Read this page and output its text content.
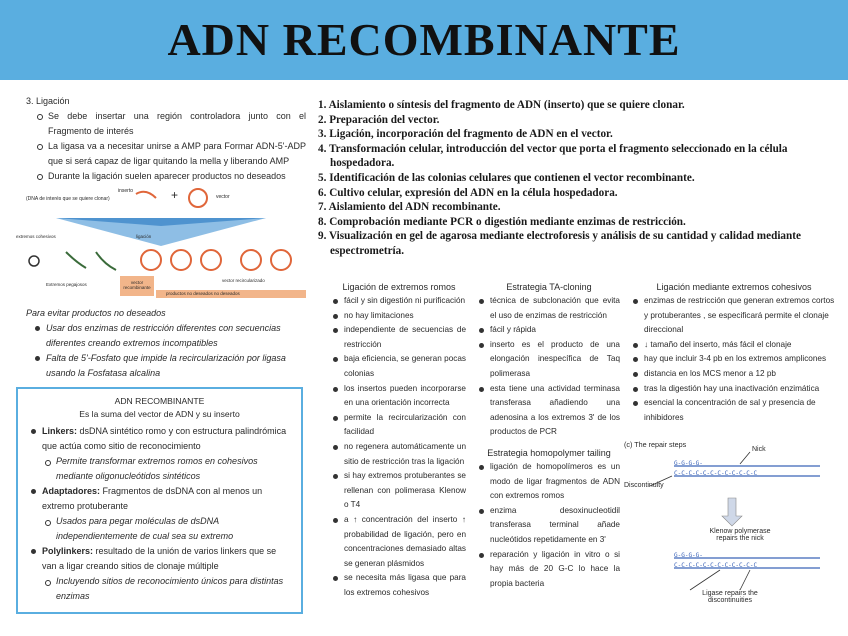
ADN RECOMBINANTE
3. Ligación
Se debe insertar una región controladora junto con el Fragmento de interés
La ligasa va a necesitar unirse a AMP para Formar ADN-5'-ADP que si será capaz de ligar quitando la mella y liberando AMP
Durante la ligación suelen aparecer productos no deseados
inserto
(DNA de interés que se quiere clonar)	+	vector
extremos cohesivos	ligación
Extremos pegajosos	vector recombinante
vector recircularizado
productos no deseados no deseados
Para evitar productos no deseados
Usar dos enzimas de restricción diferentes con secuencias diferentes creando extremos incompatibles
Falta de 5'-Fosfato que impide la recircularización por ligasa usando la Fosfatasa alcalina
ADN RECOMBINANTE
Es la suma del vector de ADN y su inserto
Linkers: dsDNA sintético romo y con estructura palindrómica que actúa como sitio de reconocimiento
Permite transformar extremos romos en cohesivos mediante oligonucleótidos sintéticos
Adaptadores: Fragmentos de dsDNA con al menos un extremo protuberante
Usados para pegar moléculas de dsDNA independientemente de cual sea su extremo
Polylinkers: resultado de la unión de varios linkers que se van a ligar creando sitios de clonaje múltiple
Incluyendo sitios de reconocimiento únicos para distintas enzimas
1. Aislamiento o síntesis del fragmento de ADN (inserto) que se quiere clonar.
2. Preparación del vector.
3. Ligación, incorporación del fragmento de ADN en el vector.
4. Transformación celular, introducción del vector que porta el fragmento seleccionado en la célula hospedadora.
5. Identificación de las colonias celulares que contienen el vector recombinante.
6. Cultivo celular, expresión del ADN en la célula hospedadora.
7. Aislamiento del ADN recombinante.
8. Comprobación mediante PCR o digestión mediante enzimas de restricción.
9. Visualización en gel de agarosa mediante electroforesis y análisis de su cantidad y calidad mediante espectrometría.
Ligación de extremos romos
fácil y sin digestión ni purificación
no hay limitaciones
independiente de secuencias de restricción
baja eficiencia, se generan pocas colonias
los insertos pueden incorporarse en una orientación incorrecta
permite la recircularización con facilidad
no regenera automáticamente un sitio de restricción tras la ligación
si hay extremos protuberantes se rellenan con polimerasa Klenow o T4
a ↑ concentración del inserto ↑ probabilidad de ligación, pero en concentraciones demasiado altas se generan plásmidos
se necesita más ligasa que para los extremos cohesivos
Estrategia TA-cloning
técnica de subclonación que evita el uso de enzimas de restricción
fácil y rápida
inserto es el producto de una elongación inespecífica de Taq polimerasa
esta tiene una actividad terminasa transferasa añadiendo una adenosina a los extremos 3' de los productos de PCR
Estrategia homopolymer tailing
ligación de homopolímeros es un modo de ligar fragmentos de ADN con extremos romos
enzima desoxinucleotidil transferasa terminal añade nucleótidos repetidamente en 3'
reparación y ligación in vitro o si hay más de 20 G-C lo hace la propia bacteria
Ligación mediante extremos cohesivos
enzimas de restricción que generan extremos cortos y protuberantes , se especificará permite el clonaje direccional
↓ tamaño del inserto, más fácil el clonaje
hay que incluir 3-4 pb en los extremos amplicones
distancia en los MCS menor a 12 pb
tras la digestión hay una inactivación enzimática
esencial la concentración de sal y presencia de inhibidores
(c) The repair steps
Nick
G-G-G-G-
C-C-C-C-C-C-C-C-C-C-C-C
Discontinuity
Klenow polymerase repairs the nick
G-G-G-G-
C-C-C-C-C-C-C-C-C-C-C-C
Ligase repairs the discontinuities
